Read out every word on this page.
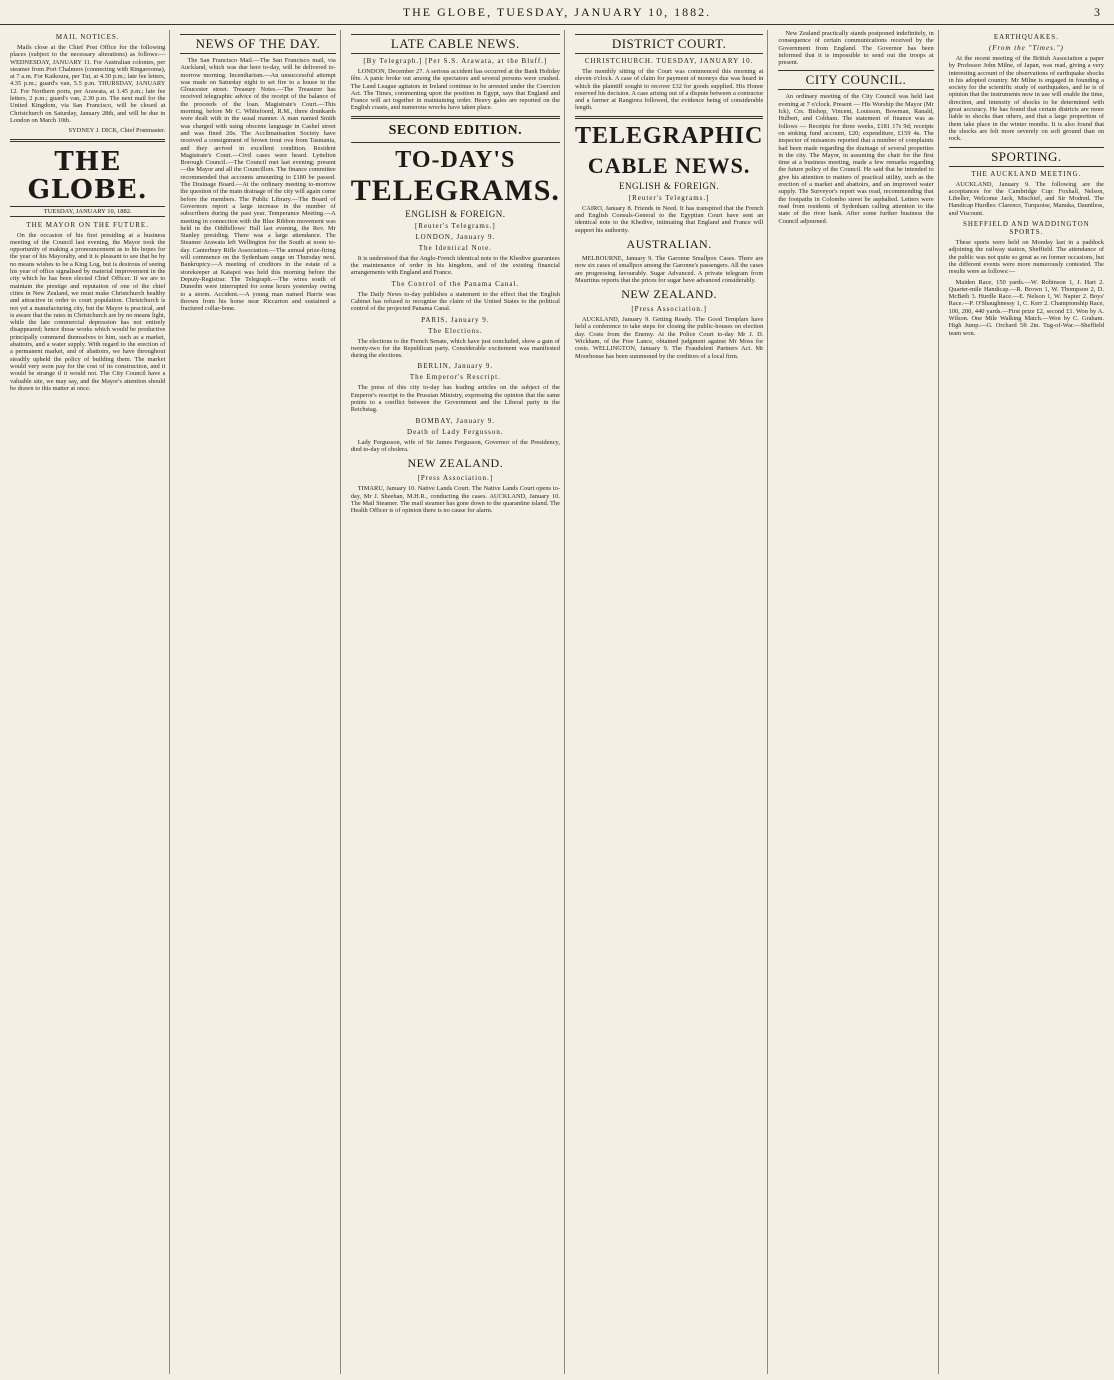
THE GLOBE, TUESDAY, JANUARY 10, 1882.	3
MAIL NOTICES.

Mails close at the Chief Post Office for the following places (subject to the necessary alterations) as follows:— WEDNESDAY, JANUARY 11. For Australian colonies, per steamer from Port Chalmers (connecting with Ringarooma), at 7 a.m. For Kaikoura, per Tui, at 4.30 p.m.; late fee letters, 4.35 p.m.; guard's van, 5.5 p.m. THURSDAY, JANUARY 12. For Northern ports, per Arawata, at 1.45 p.m.; late fee letters, 2 p.m.; guard's van, 2.30 p.m. The next mail for the United Kingdom, via San Francisco, will be closed at Christchurch on Saturday, January 28th, and will be due in London on March 10th.

SYDNEY J. DICK, Chief Postmaster.

THE GLOBE.
TUESDAY, JANUARY 10, 1882.
THE MAYOR ON THE FUTURE.

On the occasion of his first presiding at a business meeting of the Council last evening, the Mayor took the opportunity of making a pronouncement as to his hopes for the year of his Mayoralty, and it is pleasant to see that he by no means wishes to be a King Log, but is desirous of seeing his year of office signalised by material improvement in the city which he has been elected Chief Officer. If we are to maintain the prestige and reputation of one of the chief cities in New Zealand, we must make Christchurch healthy and attractive in order to court population. Christchurch is not yet a manufacturing city, but the Mayor is practical, and is aware that the rates in Christchurch are by no means light, while the late commercial depression has not entirely disappeared; hence those works which would be productive principally commend themselves to him, such as a market, abattoirs, and a water supply. With regard to the erection of a permanent market, and of abattoirs, we have throughout steadily upheld the policy of building them. The market would very soon pay for the cost of its construction, and it would be strange if it would not. The City Council have a valuable site, we may say, and the Mayor's attention should be drawn to this matter at once.

NEWS OF THE DAY.

The San Francisco Mail.—The San Francisco mail, via Auckland, which was due here to-day, will be delivered to-morrow morning. Incendiarism.—An unsuccessful attempt was made on Saturday night to set fire to a house in the Gloucester street. Treasury Notes.—The Treasurer has received telegraphic advice of the receipt of the balance of the proceeds of the loan. Magistrate's Court.—This morning, before Mr C. Whitefoord, R.M., three drunkards were dealt with in the usual manner. A man named Smith was charged with using obscene language in Cashel street and was fined 20s. The Acclimatisation Society have received a consignment of brown trout ova from Tasmania, and they arrived in excellent condition. Resident Magistrate's Court.—Civil cases were heard. Lyttelton Borough Council.—The Council met last evening; present—the Mayor and all the Councillors. The finance committee recommended that accounts amounting to £180 be passed. The Drainage Board.—At the ordinary meeting to-morrow the question of the main drainage of the city will again come before the members. The Public Library.—The Board of Governors report a large increase in the number of subscribers during the past year. Temperance Meeting.—A meeting in connection with the Blue Ribbon movement was held in the Oddfellows' Hall last evening, the Rev. Mr Stanley presiding. There was a large attendance. The Steamer Arawata left Wellington for the South at noon to-day. Canterbury Rifle Association.—The annual prize-firing will commence on the Sydenham range on Thursday next. Bankruptcy.—A meeting of creditors in the estate of a storekeeper at Kaiapoi was held this morning before the Deputy-Registrar. The Telegraph.—The wires south of Dunedin were interrupted for some hours yesterday owing to a storm. Accident.—A young man named Harris was thrown from his horse near Riccarton and sustained a fractured collar-bone.

LATE CABLE NEWS.
[By Telegraph.] [Per S.S. Arawata, at the Bluff.]

LONDON, December 27. A serious accident has occurred at the Bank Holiday fête. A panic broke out among the spectators and several persons were crushed. The Land League agitators in Ireland continue to be arrested under the Coercion Act. The Times, commenting upon the position in Egypt, says that England and France will act together in maintaining order. Heavy gales are reported on the English coasts, and numerous wrecks have taken place.

SECOND EDITION.
TO-DAY'S
TELEGRAMS.
ENGLISH & FOREIGN.
[Reuter's Telegrams.]
LONDON, January 9.
The Identical Note.

It is understood that the Anglo-French identical note to the Khedive guarantees the maintenance of order in his kingdom, and of the existing financial arrangements with England and France.

The Control of the Panama Canal.

The Daily News to-day publishes a statement to the effect that the English Cabinet has refused to recognise the claim of the United States to the political control of the projected Panama Canal.

PARIS, January 9.
The Elections.

The elections to the French Senate, which have just concluded, show a gain of twenty-two for the Republican party. Considerable excitement was manifested during the elections.

BERLIN, January 9.
The Emperor's Rescript.

The press of this city to-day has leading articles on the subject of the Emperor's rescript to the Prussian Ministry, expressing the opinion that the same points to a conflict between the Government and the Liberal party in the Reichstag.

BOMBAY, January 9.
Death of Lady Fergusson.

Lady Fergusson, wife of Sir James Fergusson, Governor of the Presidency, died to-day of cholera.

NEW ZEALAND.
[Press Association.]

TIMARU, January 10. Native Lands Court. The Native Lands Court opens to-day, Mr J. Sheehan, M.H.R., conducting the cases. AUCKLAND, January 10. The Mail Steamer. The mail steamer has gone down to the quarantine island. The Health Officer is of opinion there is no cause for alarm.

DISTRICT COURT.
CHRISTCHURCH. TUESDAY, JANUARY 10.

The monthly sitting of the Court was commenced this morning at eleven o'clock. A case of claim for payment of moneys due was heard in which the plaintiff sought to recover £32 for goods supplied. His Honor reserved his decision. A case arising out of a dispute between a contractor and a farmer at Rangiora followed, the evidence being of considerable length.

TELEGRAPHIC
CABLE NEWS.
ENGLISH & FOREIGN.
[Reuter's Telegrams.]

CAIRO, January 8. Friends in Need. It has transpired that the French and English Consuls-General to the Egyptian Court have sent an identical note to the Khedive, intimating that England and France will support his authority.

AUSTRALIAN.

MELBOURNE, January 9. The Garonne Smallpox Cases. There are now six cases of smallpox among the Garonne's passengers. All the cases are progressing favourably. Sugar Advanced. A private telegram from Mauritius reports that the prices for sugar have advanced considerably.

NEW ZEALAND.
[Press Association.]

AUCKLAND, January 9. Getting Ready. The Good Templars have held a conference to take steps for closing the public-houses on election day. Costs from the Enemy. At the Police Court to-day Mr J. D. Wickham, of the Free Lance, obtained judgment against Mr Moss for costs. WELLINGTON, January 9. The Fraudulent Partners Act. Mr Moorhouse has been summoned by the creditors of a local firm.

New Zealand practically stands postponed indefinitely, in consequence of certain communications received by the Government from England. The Governor has been informed that it is impossible to send out the troops at present.

CITY COUNCIL.

An ordinary meeting of the City Council was held last evening at 7 o'clock. Present — His Worship the Mayor (Mr Ick), Crs. Bishop, Vincent, Louisson, Bowman, Ranald, Hulbert, and Cobham. The statement of finance was as follows — Receipts for three weeks, £181 17s 9d; receipts on sinking fund account, £20; expenditure, £159 4s. The inspector of nuisances reported that a number of complaints had been made regarding the drainage of several properties in the city. The Mayor, in assuming the chair for the first time at a business meeting, made a few remarks regarding the future policy of the Council. He said that he intended to give his attention to matters of practical utility, such as the erection of a market and abattoirs, and an improved water supply. The Surveyor's report was read, recommending that the footpaths in Colombo street be asphalted. Letters were read from residents of Sydenham calling attention to the state of the river bank. After some further business the Council adjourned.

EARTHQUAKES.
(From the "Times.")

At the recent meeting of the British Association a paper by Professor John Milne, of Japan, was read, giving a very interesting account of the observations of earthquake shocks in his adopted country. Mr Milne is engaged in founding a society for the scientific study of earthquakes, and he is of opinion that the instruments now in use will enable the time, direction, and intensity of shocks to be determined with great accuracy. He has found that certain districts are more liable to shocks than others, and that a large proportion of them take place in the winter months. It is also found that the shocks are felt more severely on soft ground than on rock.

SPORTING.
THE AUCKLAND MEETING.

AUCKLAND, January 9. The following are the acceptances for the Cambridge Cup: Foxhall, Nelson, Libeller, Welcome Jack, Mischief, and Sir Modred. The Handicap Hurdles: Clarence, Turquoise, Manuka, Dauntless, and Viscount.

SHEFFIELD AND WADDINGTON SPORTS.

These sports were held on Monday last in a paddock adjoining the railway station, Sheffield. The attendance of the public was not quite so great as on former occasions, but the different events were more numerously contested. The results were as follows:—

Maiden Race, 150 yards.—W. Robinson 1, J. Hart 2. Quarter-mile Handicap.—R. Brown 1, W. Thompson 2, D. McBeth 3. Hurdle Race.—E. Nelson 1, W. Napier 2. Boys' Race.—P. O'Shaughnessy 1, C. Kerr 2. Championship Race, 100, 200, 440 yards.—First prize £2, second £1. Won by A. Wilson. One Mile Walking Match.—Won by C. Graham. High Jump.—G. Orchard 5ft 2in. Tug-of-War.—Sheffield team won.
